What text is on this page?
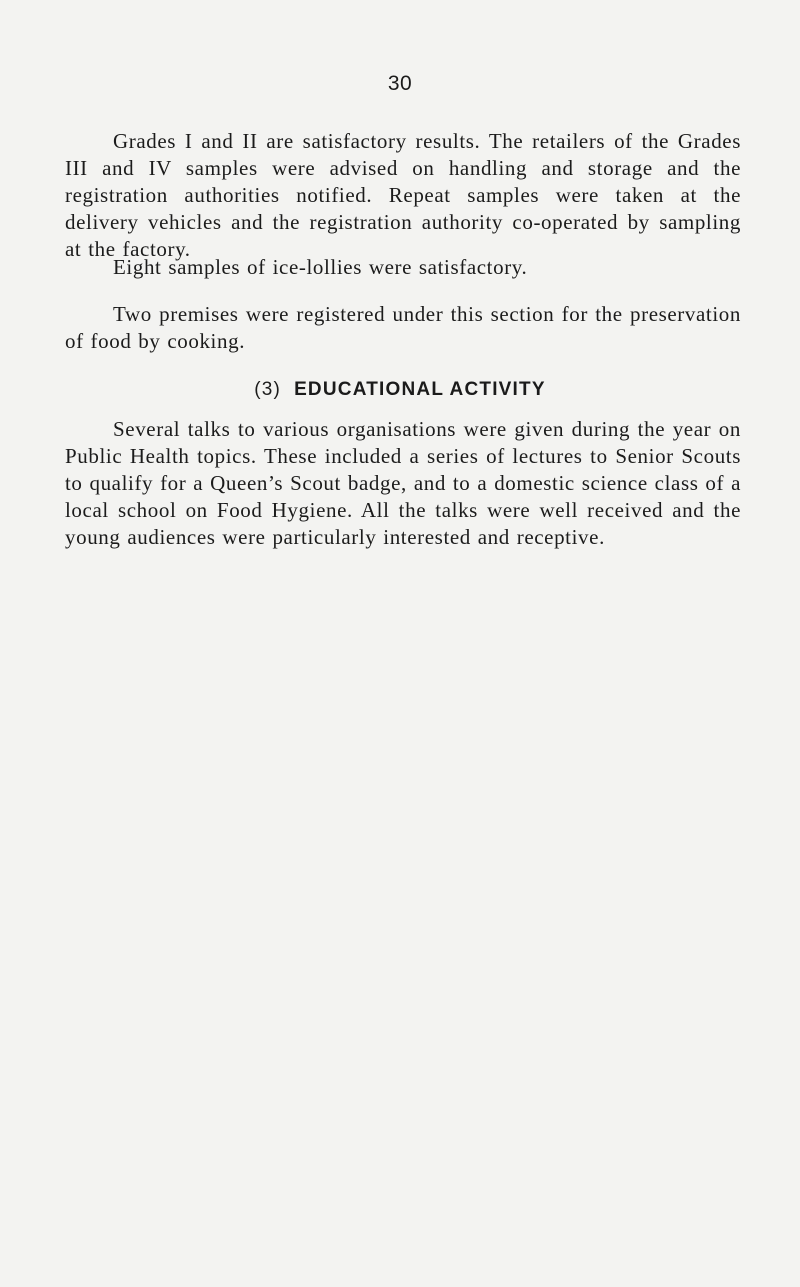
30

Grades I and II are satisfactory results. The retailers of the Grades III and IV samples were advised on handling and storage and the registration authorities notified. Repeat samples were taken at the delivery vehicles and the registration authority co-operated by sampling at the factory.

Eight samples of ice-lollies were satisfactory.

Two premises were registered under this section for the preservation of food by cooking.

(3) EDUCATIONAL ACTIVITY

Several talks to various organisations were given during the year on Public Health topics. These included a series of lectures to Senior Scouts to qualify for a Queen’s Scout badge, and to a domestic science class of a local school on Food Hygiene. All the talks were well received and the young audiences were particularly interested and receptive.
